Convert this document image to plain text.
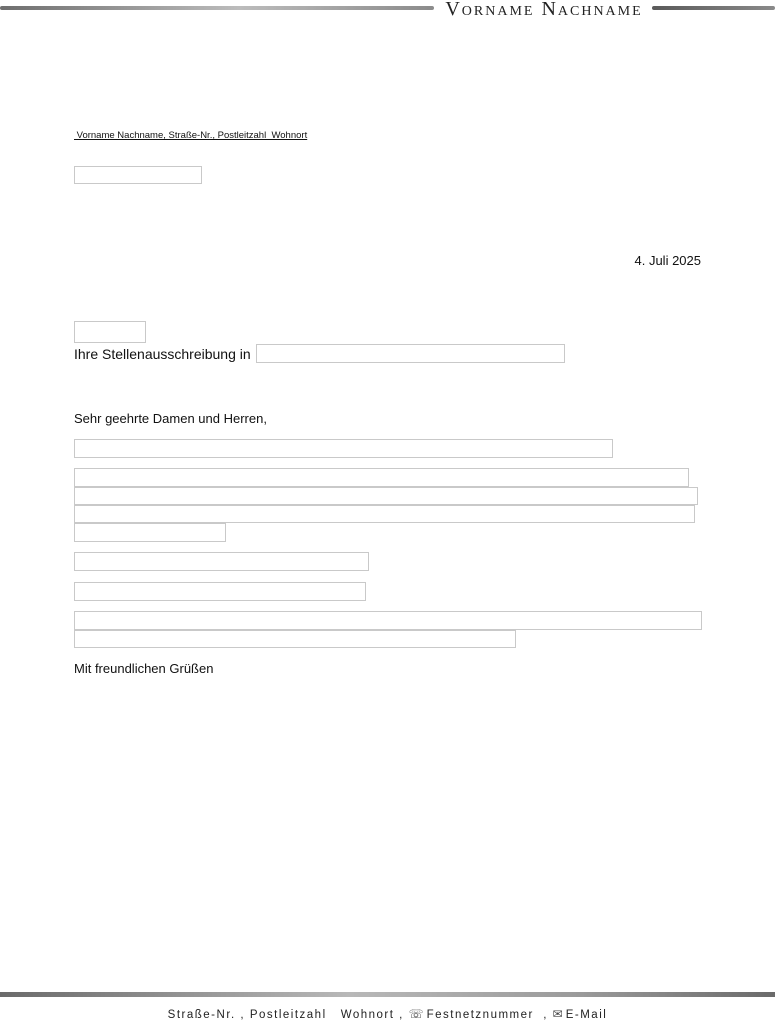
Vorname Nachname
Vorname Nachname, Straße-Nr., Postleitzahl  Wohnort
4. Juli 2025
Ihre Stellenausschreibung in
Sehr geehrte Damen und Herren,
Mit freundlichen Grüßen
Straße-Nr. , Postleitzahl   Wohnort , ☏ Festnetznummer  , ✉ E-Mail
